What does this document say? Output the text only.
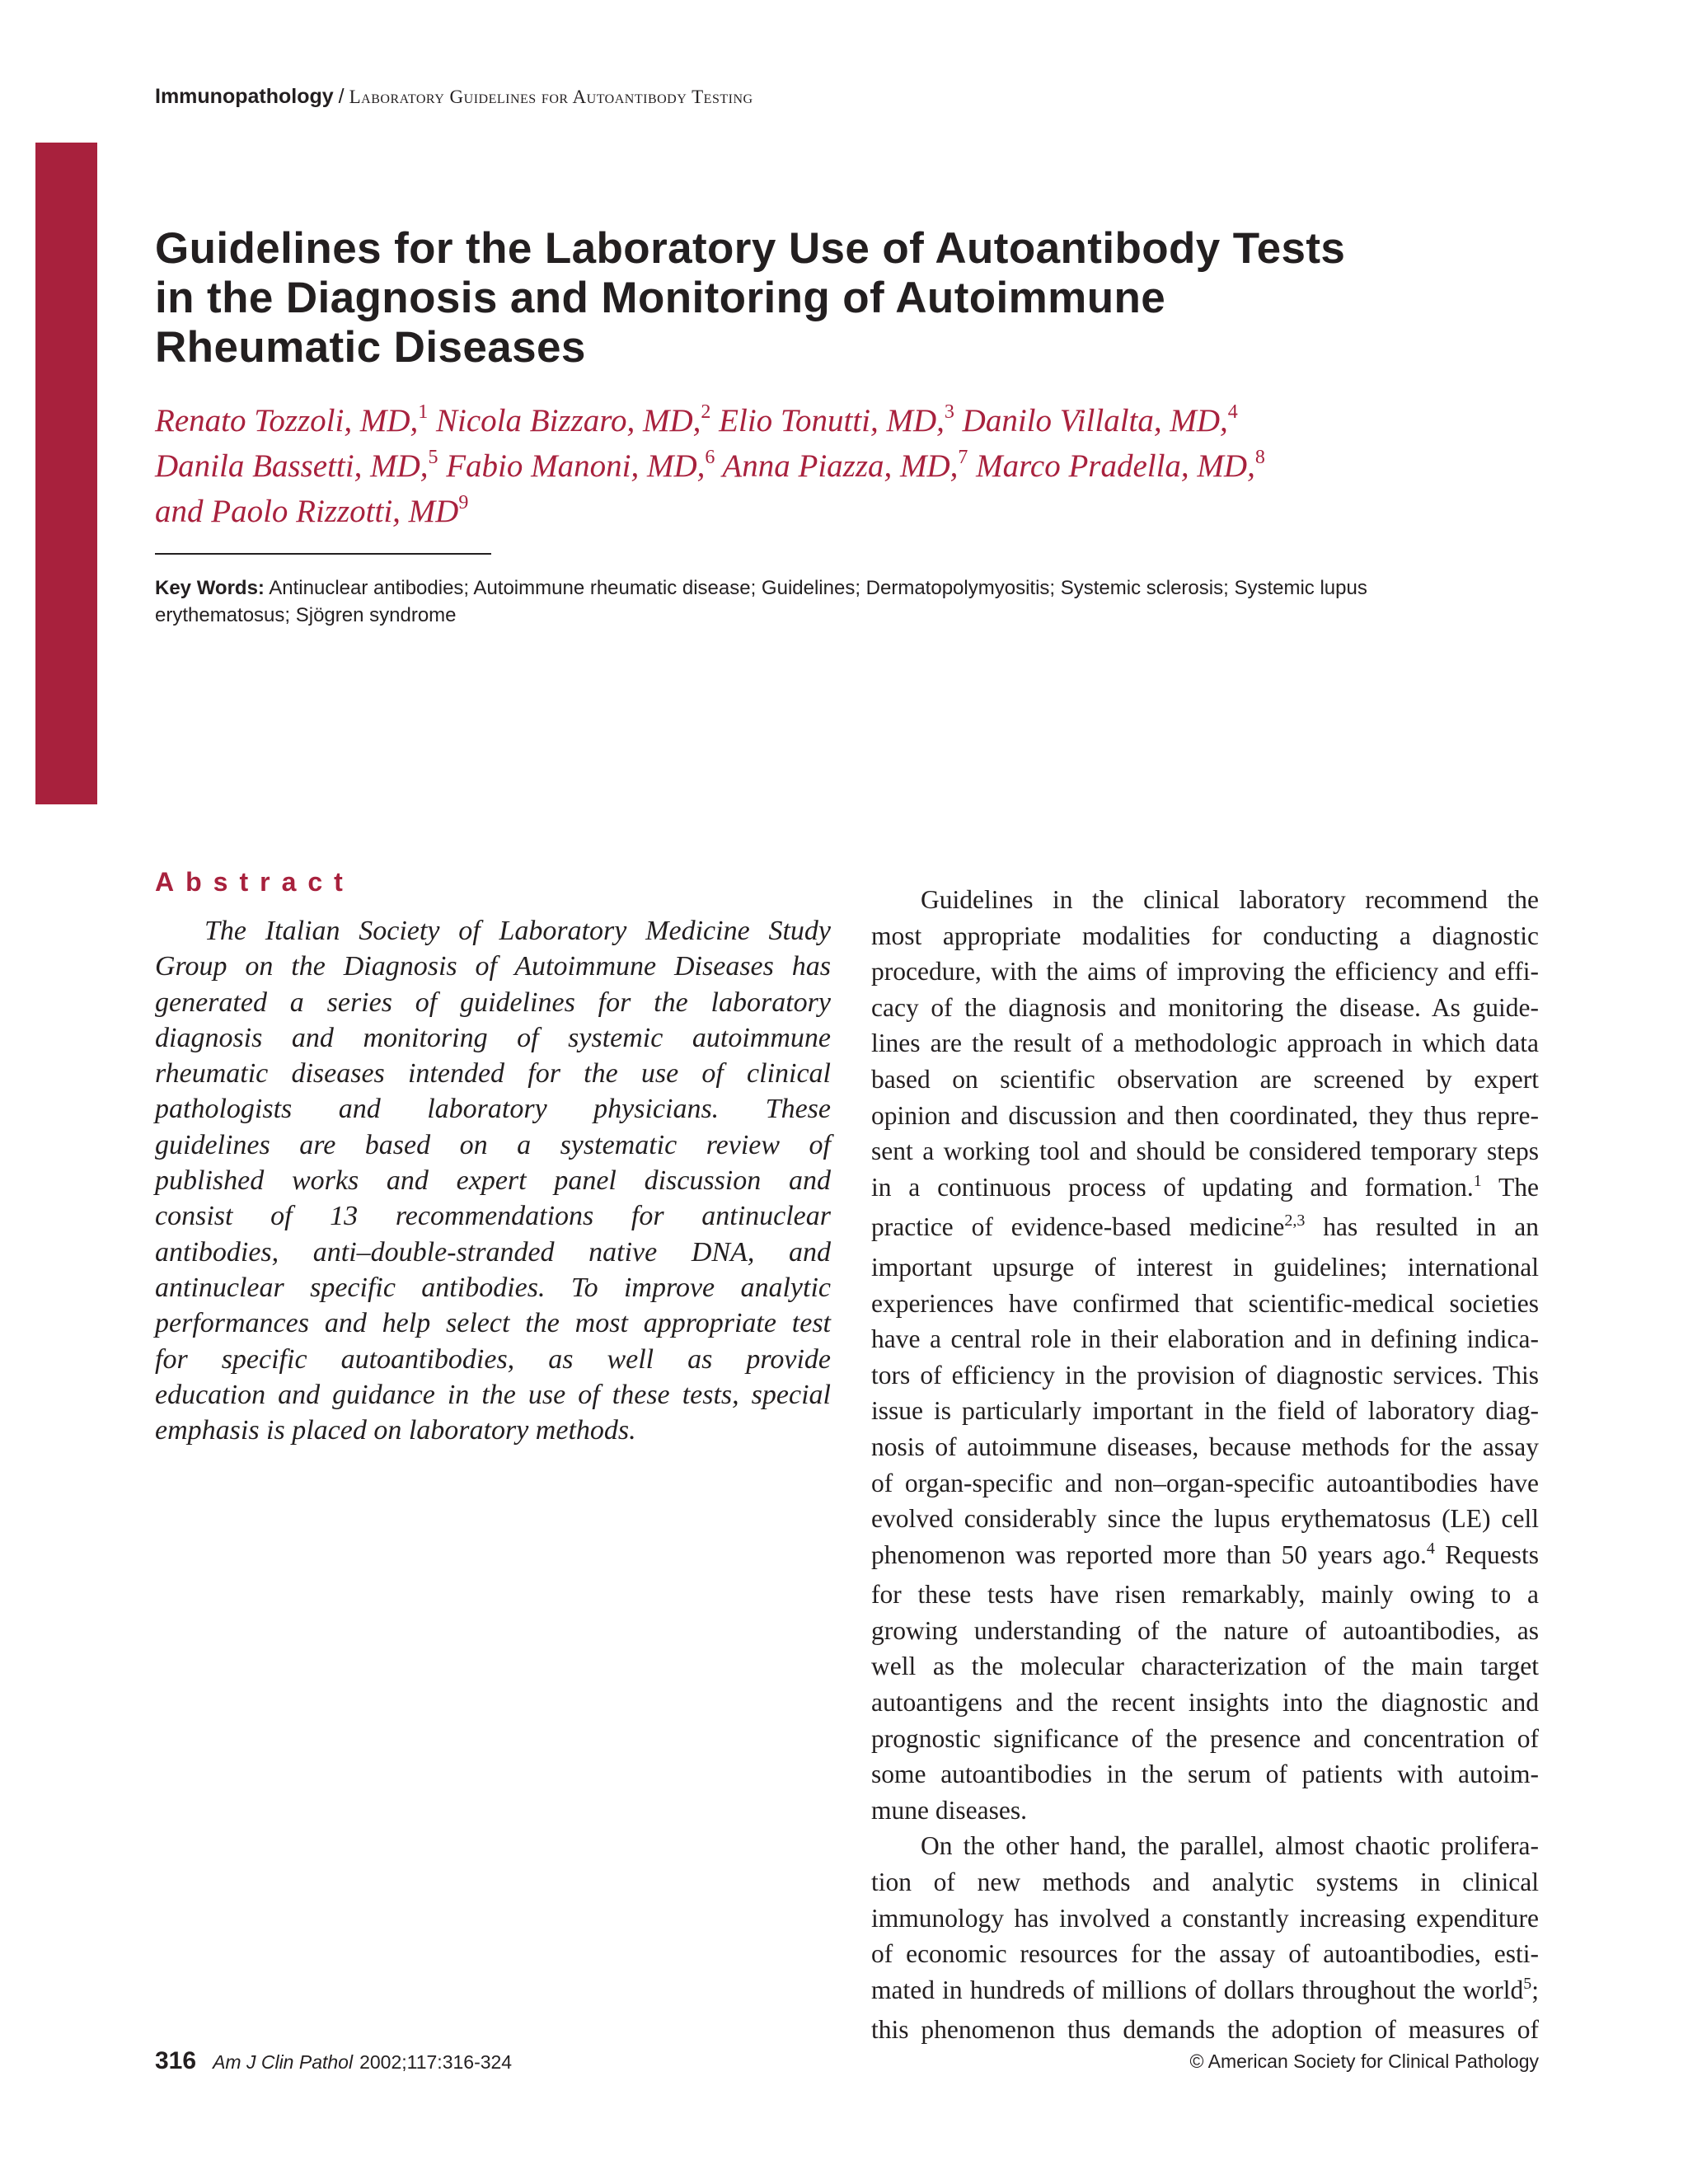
Immunopathology / Laboratory Guidelines for Autoantibody Testing
Guidelines for the Laboratory Use of Autoantibody Tests
in the Diagnosis and Monitoring of Autoimmune
Rheumatic Diseases
Renato Tozzoli, MD,$^1$ Nicola Bizzaro, MD,$^2$ Elio Tonutti, MD,$^3$ Danilo Villalta, MD,$^4$
Danila Bassetti, MD,$^5$ Fabio Manoni, MD,$^6$ Anna Piazza, MD,$^7$ Marco Pradella, MD,$^8$
and Paolo Rizzotti, $MD^9$
Key Words: Antinuclear antibodies; Autoimmune rheumatic disease; Guidelines; Dermatopolymyositis; Systemic sclerosis; Systemic lupus
erythematosus; Sjögren syndrome
Abstract
The Italian Society of Laboratory Medicine Study
Group on the Diagnosis of Autoimmune Diseases has
generated a series of guidelines for the laboratory
diagnosis and monitoring of systemic autoimmune
rheumatic diseases intended for the use of clinical
pathologists and laboratory physicians. These
guidelines are based on a systematic review of
published works and expert panel discussion and
consist of 13 recommendations for antinuclear
antibodies, anti–double-stranded native DNA, and
antinuclear specific antibodies. To improve analytic
performances and help select the most appropriate test
for specific autoantibodies, as well as provide
education and guidance in the use of these tests, special
emphasis is placed on laboratory methods.
Guidelines in the clinical laboratory recommend the
most appropriate modalities for conducting a diagnostic
procedure, with the aims of improving the efficiency and effi-
cacy of the diagnosis and monitoring the disease. As guide-
lines are the result of a methodologic approach in which data
based on scientific observation are screened by expert
opinion and discussion and then coordinated, they thus repre-
sent a working tool and should be considered temporary steps
in a continuous process of updating and formation.$^1$ The
practice of evidence-based medicine$^{2,3}$ has resulted in an
important upsurge of interest in guidelines; international
experiences have confirmed that scientific-medical societies
have a central role in their elaboration and in defining indica-
tors of efficiency in the provision of diagnostic services. This
issue is particularly important in the field of laboratory diag-
nosis of autoimmune diseases, because methods for the assay
of organ-specific and non–organ-specific autoantibodies have
evolved considerably since the lupus erythematosus (LE) cell
phenomenon was reported more than 50 years ago.$^4$ Requests
for these tests have risen remarkably, mainly owing to a
growing understanding of the nature of autoantibodies, as
well as the molecular characterization of the main target
autoantigens and the recent insights into the diagnostic and
prognostic significance of the presence and concentration of
some autoantibodies in the serum of patients with autoim-
mune diseases.
On the other hand, the parallel, almost chaotic prolifera-
tion of new methods and analytic systems in clinical
immunology has involved a constantly increasing expenditure
of economic resources for the assay of autoantibodies, esti-
mated in hundreds of millions of dollars throughout the world$^5$;
this phenomenon thus demands the adoption of measures of
316 Am J Clin Pathol 2002;117:316-324	© American Society for Clinical Pathology
